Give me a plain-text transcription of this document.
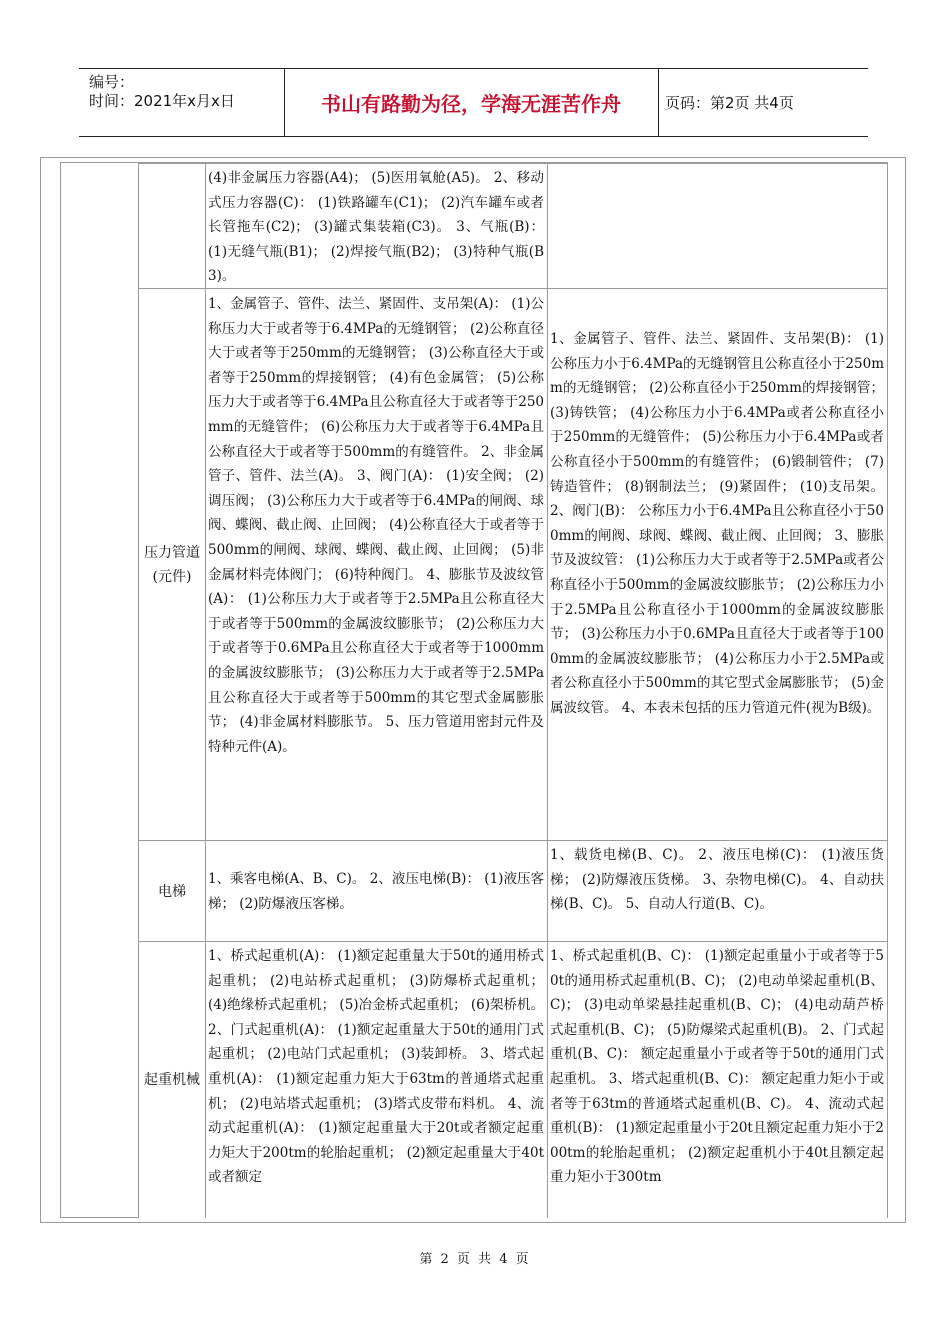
编号：
时间：2021年x月x日	书山有路勤为径，学海无涯苦作舟	页码：第2页 共4页
(4)非金属压力容器(A4)； (5)医用氧舱(A5)。 2、移动式压力容器(C)： (1)铁路罐车(C1)； (2)汽车罐车或者长管拖车(C2)； (3)罐式集装箱(C3)。 3、气瓶(B)： (1)无缝气瓶(B1)； (2)焊接气瓶(B2)； (3)特种气瓶(B3)。
压力管道(元件)
1、金属管子、管件、法兰、紧固件、支吊架(A)： (1)公称压力大于或者等于6.4MPa的无缝钢管； (2)公称直径大于或者等于250mm的无缝钢管； (3)公称直径大于或者等于250mm的焊接钢管； (4)有色金属管； (5)公称压力大于或者等于6.4MPa且公称直径大于或者等于250mm的无缝管件； (6)公称压力大于或者等于6.4MPa且公称直径大于或者等于500mm的有缝管件。 2、非金属管子、管件、法兰(A)。 3、阀门(A)： (1)安全阀； (2)调压阀； (3)公称压力大于或者等于6.4MPa的闸阀、球阀、蝶阀、截止阀、止回阀； (4)公称直径大于或者等于500mm的闸阀、球阀、蝶阀、截止阀、止回阀； (5)非金属材料壳体阀门； (6)特种阀门。 4、膨胀节及波纹管(A)： (1)公称压力大于或者等于2.5MPa且公称直径大于或者等于500mm的金属波纹膨胀节； (2)公称压力大于或者等于0.6MPa且公称直径大于或者等于1000mm的金属波纹膨胀节； (3)公称压力大于或者等于2.5MPa且公称直径大于或者等于500mm的其它型式金属膨胀节； (4)非金属材料膨胀节。 5、压力管道用密封元件及特种元件(A)。
1、金属管子、管件、法兰、紧固件、支吊架(B)： (1)公称压力小于6.4MPa的无缝钢管且公称直径小于250mm的无缝钢管； (2)公称直径小于250mm的焊接钢管； (3)铸铁管； (4)公称压力小于6.4MPa或者公称直径小于250mm的无缝管件； (5)公称压力小于6.4MPa或者公称直径小于500mm的有缝管件； (6)锻制管件； (7)铸造管件； (8)钢制法兰； (9)紧固件； (10)支吊架。 2、阀门(B)： 公称压力小于6.4MPa且公称直径小于500mm的闸阀、球阀、蝶阀、截止阀、止回阀； 3、膨胀节及波纹管： (1)公称压力大于或者等于2.5MPa或者公称直径小于500mm的金属波纹膨胀节； (2)公称压力小于2.5MPa且公称直径小于1000mm的金属波纹膨胀节； (3)公称压力小于0.6MPa且直径大于或者等于1000mm的金属波纹膨胀节； (4)公称压力小于2.5MPa或者公称直径小于500mm的其它型式金属膨胀节； (5)金属波纹管。 4、本表未包括的压力管道元件(视为B级)。
电梯
1、乘客电梯(A、B、C)。 2、液压电梯(B)： (1)液压客梯； (2)防爆液压客梯。
1、载货电梯(B、C)。 2、液压电梯(C)： (1)液压货梯； (2)防爆液压货梯。 3、杂物电梯(C)。 4、自动扶梯(B、C)。 5、自动人行道(B、C)。
起重机械
1、桥式起重机(A)： (1)额定起重量大于50t的通用桥式起重机； (2)电站桥式起重机； (3)防爆桥式起重机； (4)绝缘桥式起重机； (5)冶金桥式起重机； (6)架桥机。 2、门式起重机(A)： (1)额定起重量大于50t的通用门式起重机； (2)电站门式起重机； (3)装卸桥。 3、塔式起重机(A)： (1)额定起重力矩大于63tm的普通塔式起重机； (2)电站塔式起重机； (3)塔式皮带布料机。 4、流动式起重机(A)： (1)额定起重量大于20t或者额定起重力矩大于200tm的轮胎起重机； (2)额定起重量大于40t或者额定
1、桥式起重机(B、C)： (1)额定起重量小于或者等于50t的通用桥式起重机(B、C)； (2)电动单梁起重机(B、C)； (3)电动单梁悬挂起重机(B、C)； (4)电动葫芦桥式起重机(B、C)； (5)防爆梁式起重机(B)。 2、门式起重机(B、C)： 额定起重量小于或者等于50t的通用门式起重机。 3、塔式起重机(B、C)： 额定起重力矩小于或者等于63tm的普通塔式起重机(B、C)。 4、流动式起重机(B)： (1)额定起重量小于20t且额定起重力矩小于200tm的轮胎起重机； (2)额定起重机小于40t且额定起重力矩小于300tm
第 2 页 共 4 页
